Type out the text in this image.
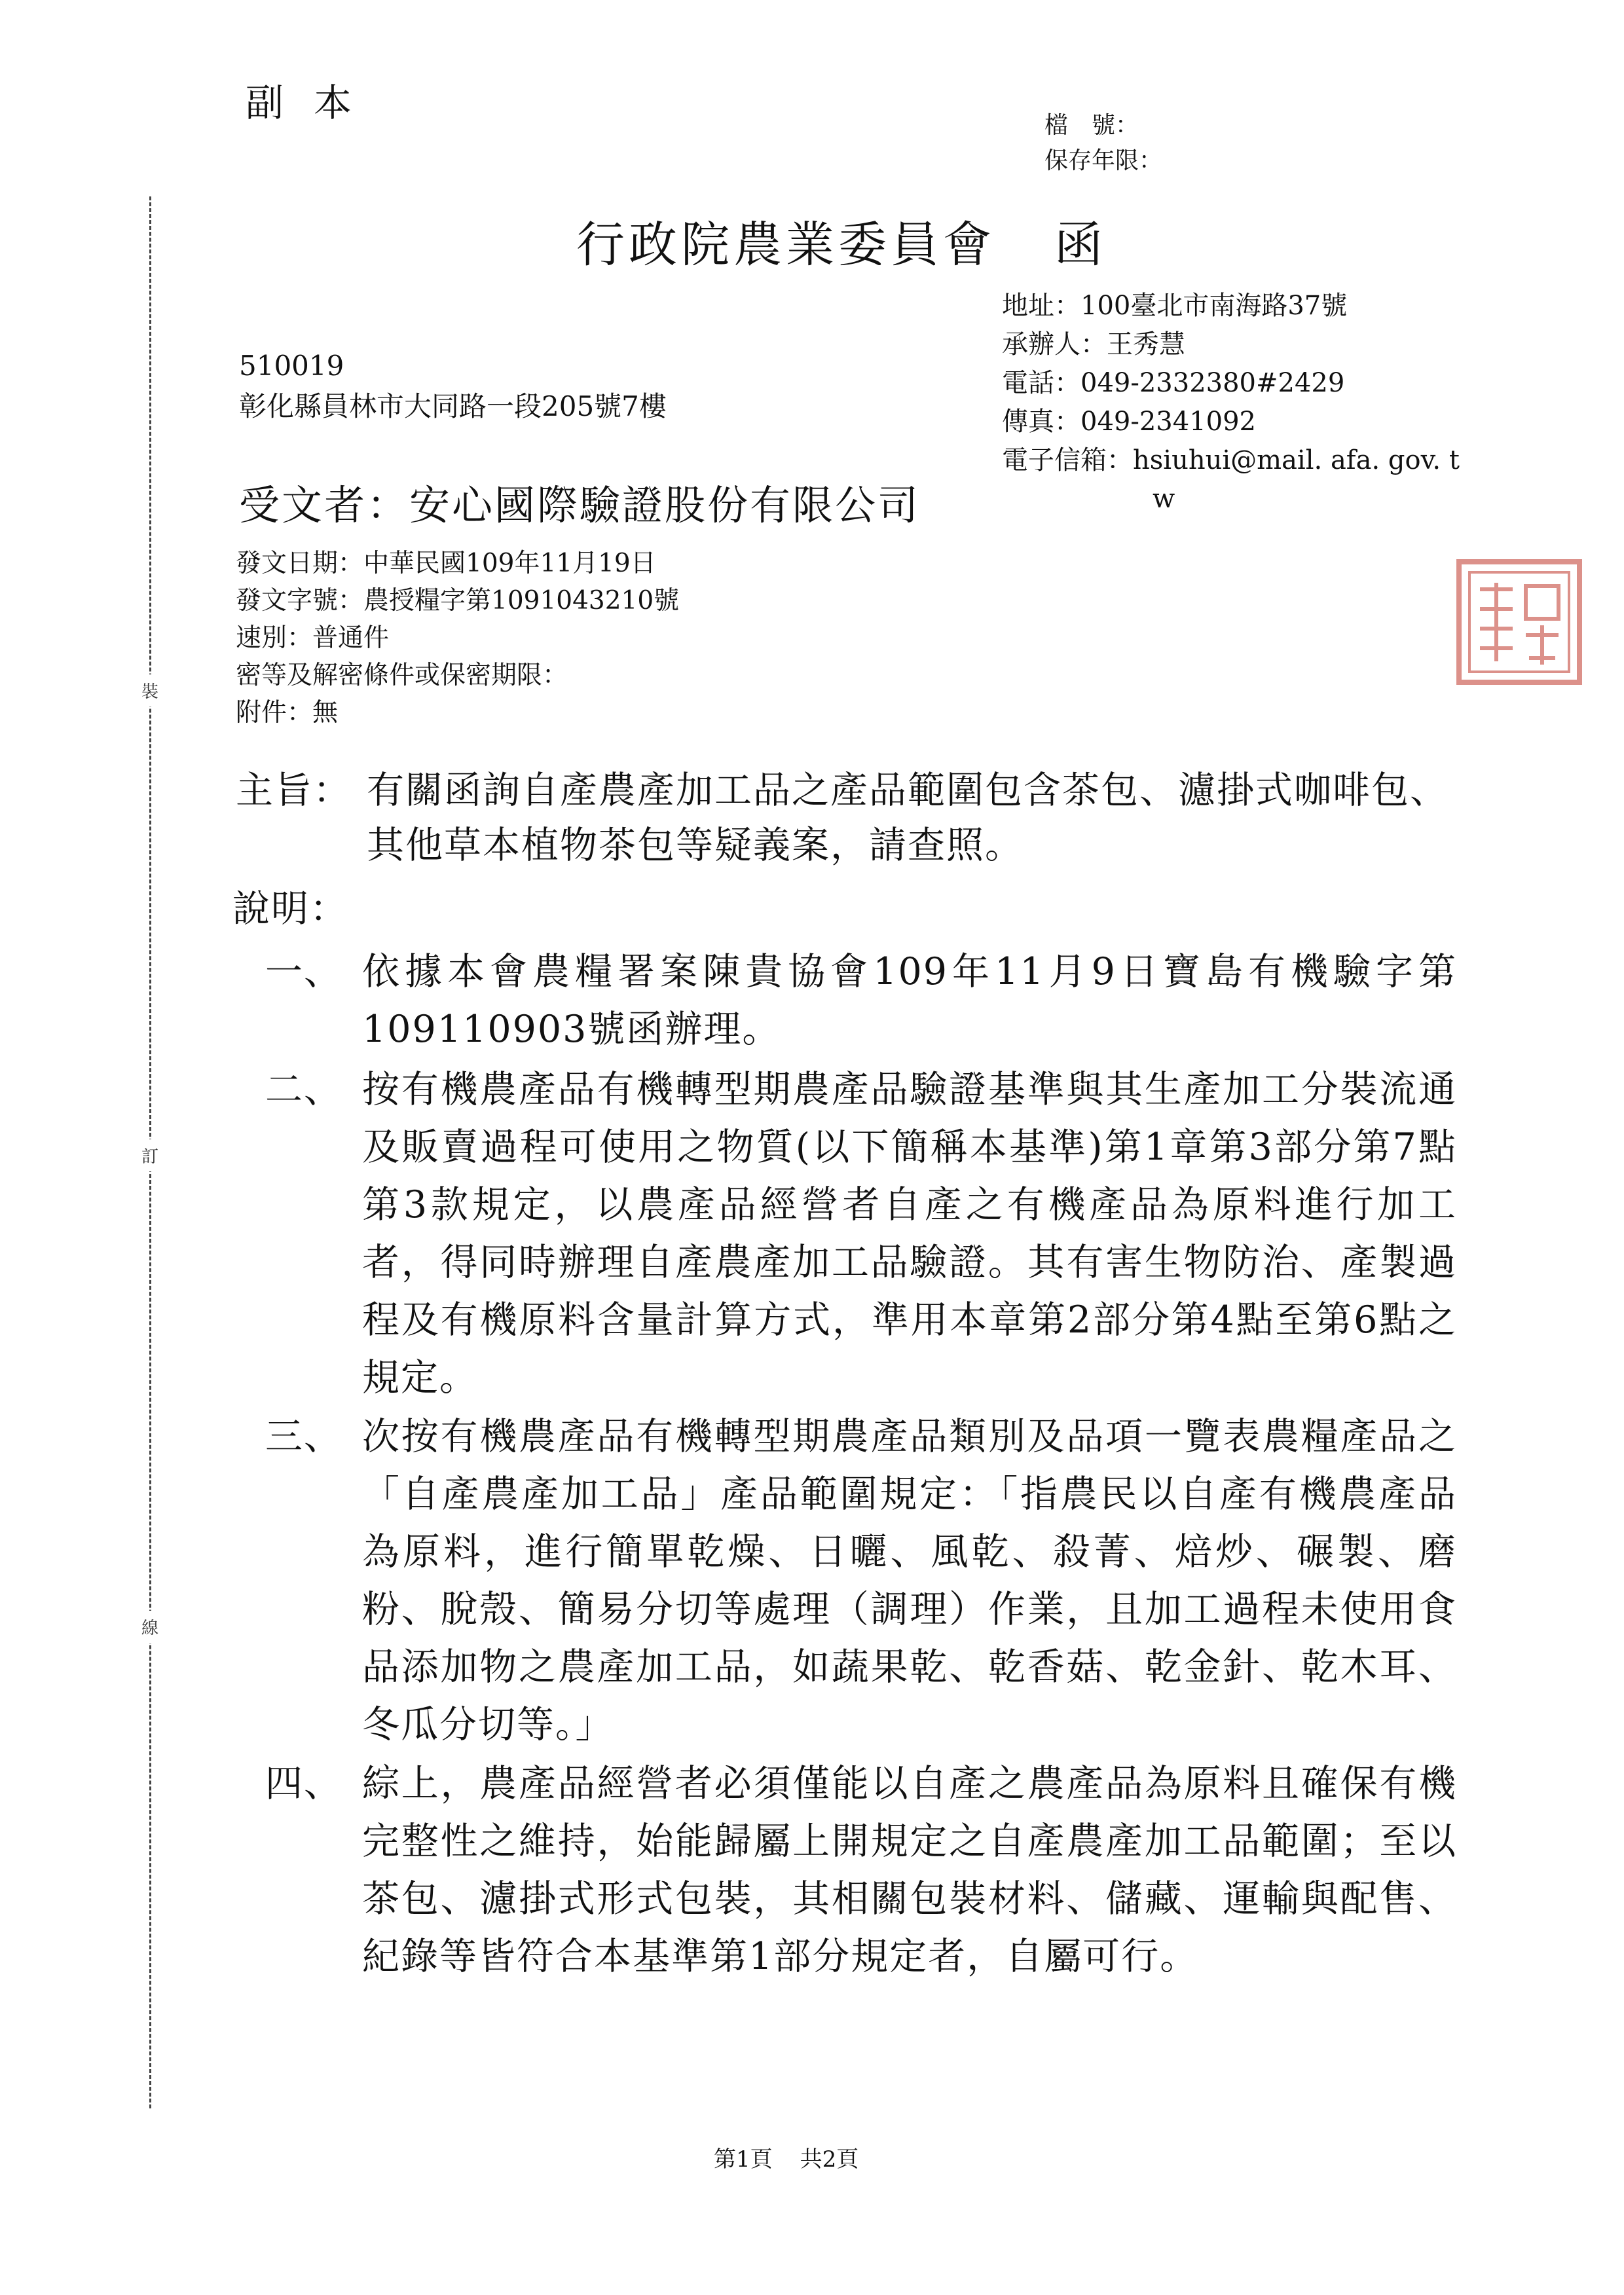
副本
檔　號：
保存年限：
行政院農業委員會 函
地址：100臺北市南海路37號
承辦人：王秀慧
電話：049-2332380#2429
傳真：049-2341092
電子信箱：hsiuhui@mail. afa. gov. tw
510019
彰化縣員林市大同路一段205號7樓
受文者：安心國際驗證股份有限公司
發文日期：中華民國109年11月19日
發文字號：農授糧字第1091043210號
速別：普通件
密等及解密條件或保密期限：
附件：無
裝
訂
線
主旨： 有關函詢自產農產加工品之產品範圍包含茶包、濾掛式咖啡包、其他草本植物茶包等疑義案，請查照。
說明：
一、 依據本會農糧署案陳貴協會109年11月9日寶島有機驗字第109110903號函辦理。
二、 按有機農產品有機轉型期農產品驗證基準與其生產加工分裝流通及販賣過程可使用之物質(以下簡稱本基準)第1章第3部分第7點第3款規定，以農產品經營者自產之有機產品為原料進行加工者，得同時辦理自產農產加工品驗證。其有害生物防治、產製過程及有機原料含量計算方式，準用本章第2部分第4點至第6點之規定。
三、 次按有機農產品有機轉型期農產品類別及品項一覽表農糧產品之「自產農產加工品」產品範圍規定：「指農民以自產有機農產品為原料，進行簡單乾燥、日曬、風乾、殺菁、焙炒、碾製、磨粉、脫殼、簡易分切等處理（調理）作業，且加工過程未使用食品添加物之農產加工品，如蔬果乾、乾香菇、乾金針、乾木耳、冬瓜分切等。」
四、 綜上，農產品經營者必須僅能以自產之農產品為原料且確保有機完整性之維持，始能歸屬上開規定之自產農產加工品範圍；至以茶包、濾掛式形式包裝，其相關包裝材料、儲藏、運輸與配售、紀錄等皆符合本基準第1部分規定者，自屬可行。
第1頁 共2頁
